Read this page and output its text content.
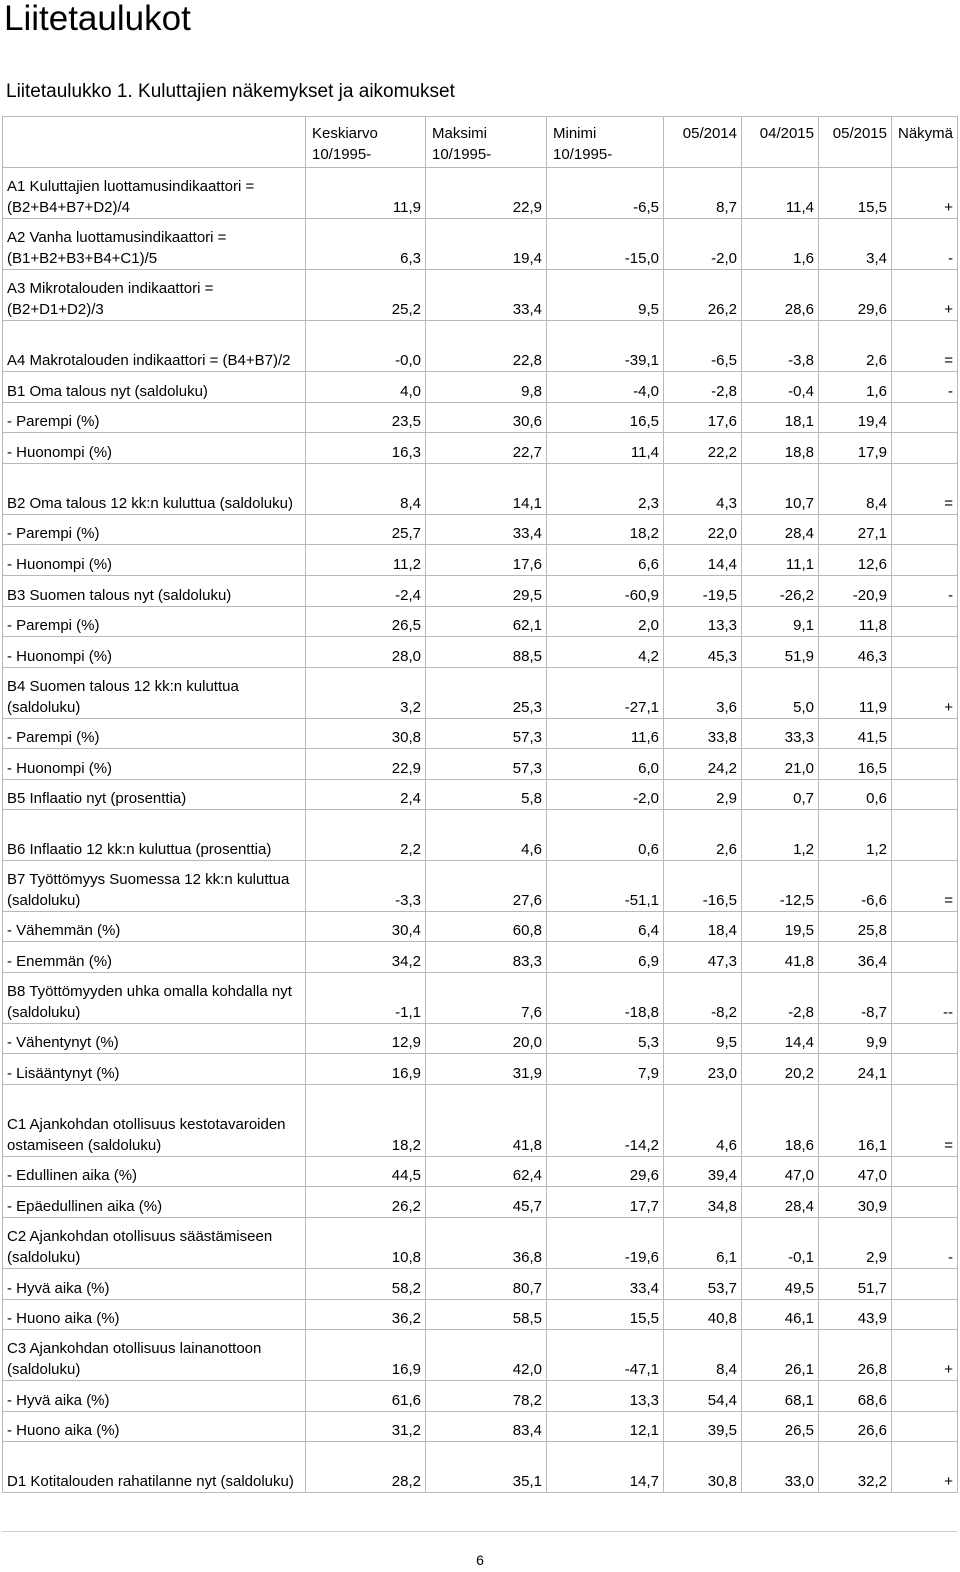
Liitetaulukot
Liitetaulukko 1. Kuluttajien näkemykset ja aikomukset
	Keskiarvo 10/1995-	Maksimi 10/1995-	Minimi 10/1995-	05/2014	04/2015	05/2015	Näkymä
A1 Kuluttajien luottamusindikaattori = (B2+B4+B7+D2)/4	11,9	22,9	-6,5	8,7	11,4	15,5	+
A2 Vanha luottamusindikaattori = (B1+B2+B3+B4+C1)/5	6,3	19,4	-15,0	-2,0	1,6	3,4	-
A3 Mikrotalouden indikaattori = (B2+D1+D2)/3	25,2	33,4	9,5	26,2	28,6	29,6	+
A4 Makrotalouden indikaattori = (B4+B7)/2	-0,0	22,8	-39,1	-6,5	-3,8	2,6	=
B1 Oma talous nyt (saldoluku)	4,0	9,8	-4,0	-2,8	-0,4	1,6	-
- Parempi (%)	23,5	30,6	16,5	17,6	18,1	19,4	
- Huonompi (%)	16,3	22,7	11,4	22,2	18,8	17,9	
B2 Oma talous 12 kk:n kuluttua (saldoluku)	8,4	14,1	2,3	4,3	10,7	8,4	=
- Parempi (%)	25,7	33,4	18,2	22,0	28,4	27,1	
- Huonompi (%)	11,2	17,6	6,6	14,4	11,1	12,6	
B3 Suomen talous nyt (saldoluku)	-2,4	29,5	-60,9	-19,5	-26,2	-20,9	-
- Parempi (%)	26,5	62,1	2,0	13,3	9,1	11,8	
- Huonompi (%)	28,0	88,5	4,2	45,3	51,9	46,3	
B4 Suomen talous 12 kk:n kuluttua (saldoluku)	3,2	25,3	-27,1	3,6	5,0	11,9	+
- Parempi (%)	30,8	57,3	11,6	33,8	33,3	41,5	
- Huonompi (%)	22,9	57,3	6,0	24,2	21,0	16,5	
B5 Inflaatio nyt (prosenttia)	2,4	5,8	-2,0	2,9	0,7	0,6	
B6 Inflaatio 12 kk:n kuluttua (prosenttia)	2,2	4,6	0,6	2,6	1,2	1,2	
B7 Työttömyys Suomessa 12 kk:n kuluttua (saldoluku)	-3,3	27,6	-51,1	-16,5	-12,5	-6,6	=
- Vähemmän (%)	30,4	60,8	6,4	18,4	19,5	25,8	
- Enemmän (%)	34,2	83,3	6,9	47,3	41,8	36,4	
B8 Työttömyyden uhka omalla kohdalla nyt (saldoluku)	-1,1	7,6	-18,8	-8,2	-2,8	-8,7	--
- Vähentynyt (%)	12,9	20,0	5,3	9,5	14,4	9,9	
- Lisääntynyt (%)	16,9	31,9	7,9	23,0	20,2	24,1	
C1 Ajankohdan otollisuus kestotavaroiden ostamiseen (saldoluku)	18,2	41,8	-14,2	4,6	18,6	16,1	=
- Edullinen aika (%)	44,5	62,4	29,6	39,4	47,0	47,0	
- Epäedullinen aika (%)	26,2	45,7	17,7	34,8	28,4	30,9	
C2 Ajankohdan otollisuus säästämiseen (saldoluku)	10,8	36,8	-19,6	6,1	-0,1	2,9	-
- Hyvä aika (%)	58,2	80,7	33,4	53,7	49,5	51,7	
- Huono aika (%)	36,2	58,5	15,5	40,8	46,1	43,9	
C3 Ajankohdan otollisuus lainanottoon (saldoluku)	16,9	42,0	-47,1	8,4	26,1	26,8	+
- Hyvä aika (%)	61,6	78,2	13,3	54,4	68,1	68,6	
- Huono aika (%)	31,2	83,4	12,1	39,5	26,5	26,6	
D1 Kotitalouden rahatilanne nyt (saldoluku)	28,2	35,1	14,7	30,8	33,0	32,2	+
6
